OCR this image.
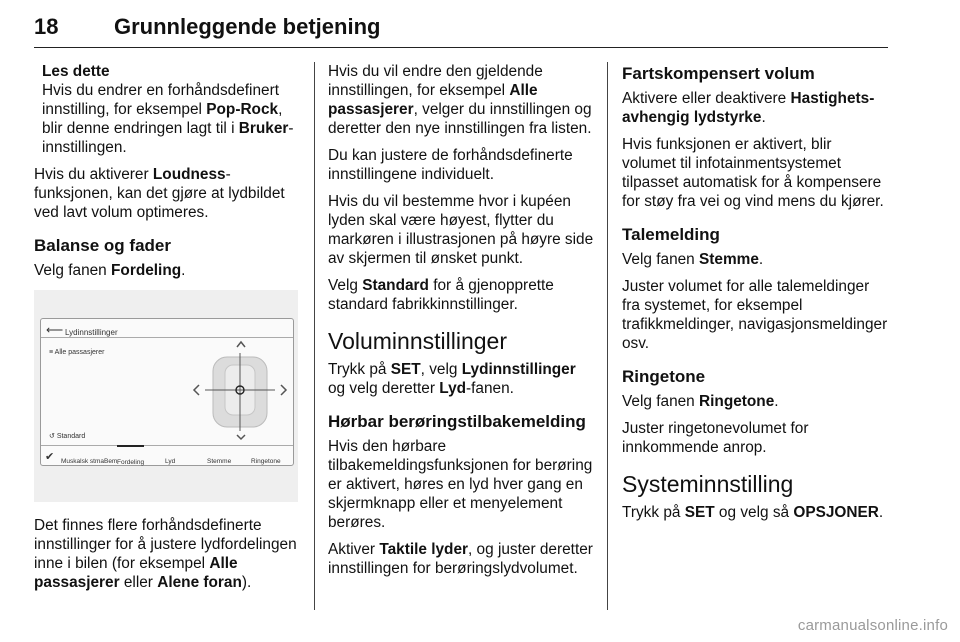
18	Grunnleggende betjening
Les dette
Hvis du endrer en forhåndsdefinert innstilling, for eksempel Pop-Rock, blir denne endringen lagt til i Bruker-innstillingen.

Hvis du aktiverer Loudness-funksjonen, kan det gjøre at lydbildet ved lavt volum optimeres.

Balanse og fader

Velg fanen Fordeling.

⟵ Lydinnstillinger
≡ Alle passasjerer
↺ Standard
✔ Muskalsk stmaBem Fordeling	Lyd	Stemme	Ringetone

Det finnes flere forhåndsdefinerte innstillinger for å justere lydfordelingen inne i bilen (for eksempel Alle passasjerer eller Alene foran).

Hvis du vil endre den gjeldende innstillingen, for eksempel Alle passasjerer, velger du innstillingen og deretter den nye innstillingen fra listen.

Du kan justere de forhåndsdefinerte innstillingene individuelt.

Hvis du vil bestemme hvor i kupéen lyden skal være høyest, flytter du markøren i illustrasjonen på høyre side av skjermen til ønsket punkt.

Velg Standard for å gjenopprette standard fabrikkinnstillinger.

Voluminnstillinger

Trykk på SET, velg Lydinnstillinger og velg deretter Lyd-fanen.

Hørbar berøringstilbakemelding

Hvis den hørbare tilbakemeldingsfunksjonen for berøring er aktivert, høres en lyd hver gang en skjermknapp eller et menyelement berøres.

Aktiver Taktile lyder, og juster deretter innstillingen for berøringslydvolumet.

Fartskompensert volum

Aktivere eller deaktivere Hastighets-avhengig lydstyrke.

Hvis funksjonen er aktivert, blir volumet til infotainmentsystemet tilpasset automatisk for å kompensere for støy fra vei og vind mens du kjører.

Talemelding

Velg fanen Stemme.

Juster volumet for alle talemeldinger fra systemet, for eksempel trafikkmeldinger, navigasjonsmeldinger osv.

Ringetone

Velg fanen Ringetone.

Juster ringetonevolumet for innkommende anrop.

Systeminnstilling

Trykk på SET og velg så OPSJONER.

carmanualsonline.info
